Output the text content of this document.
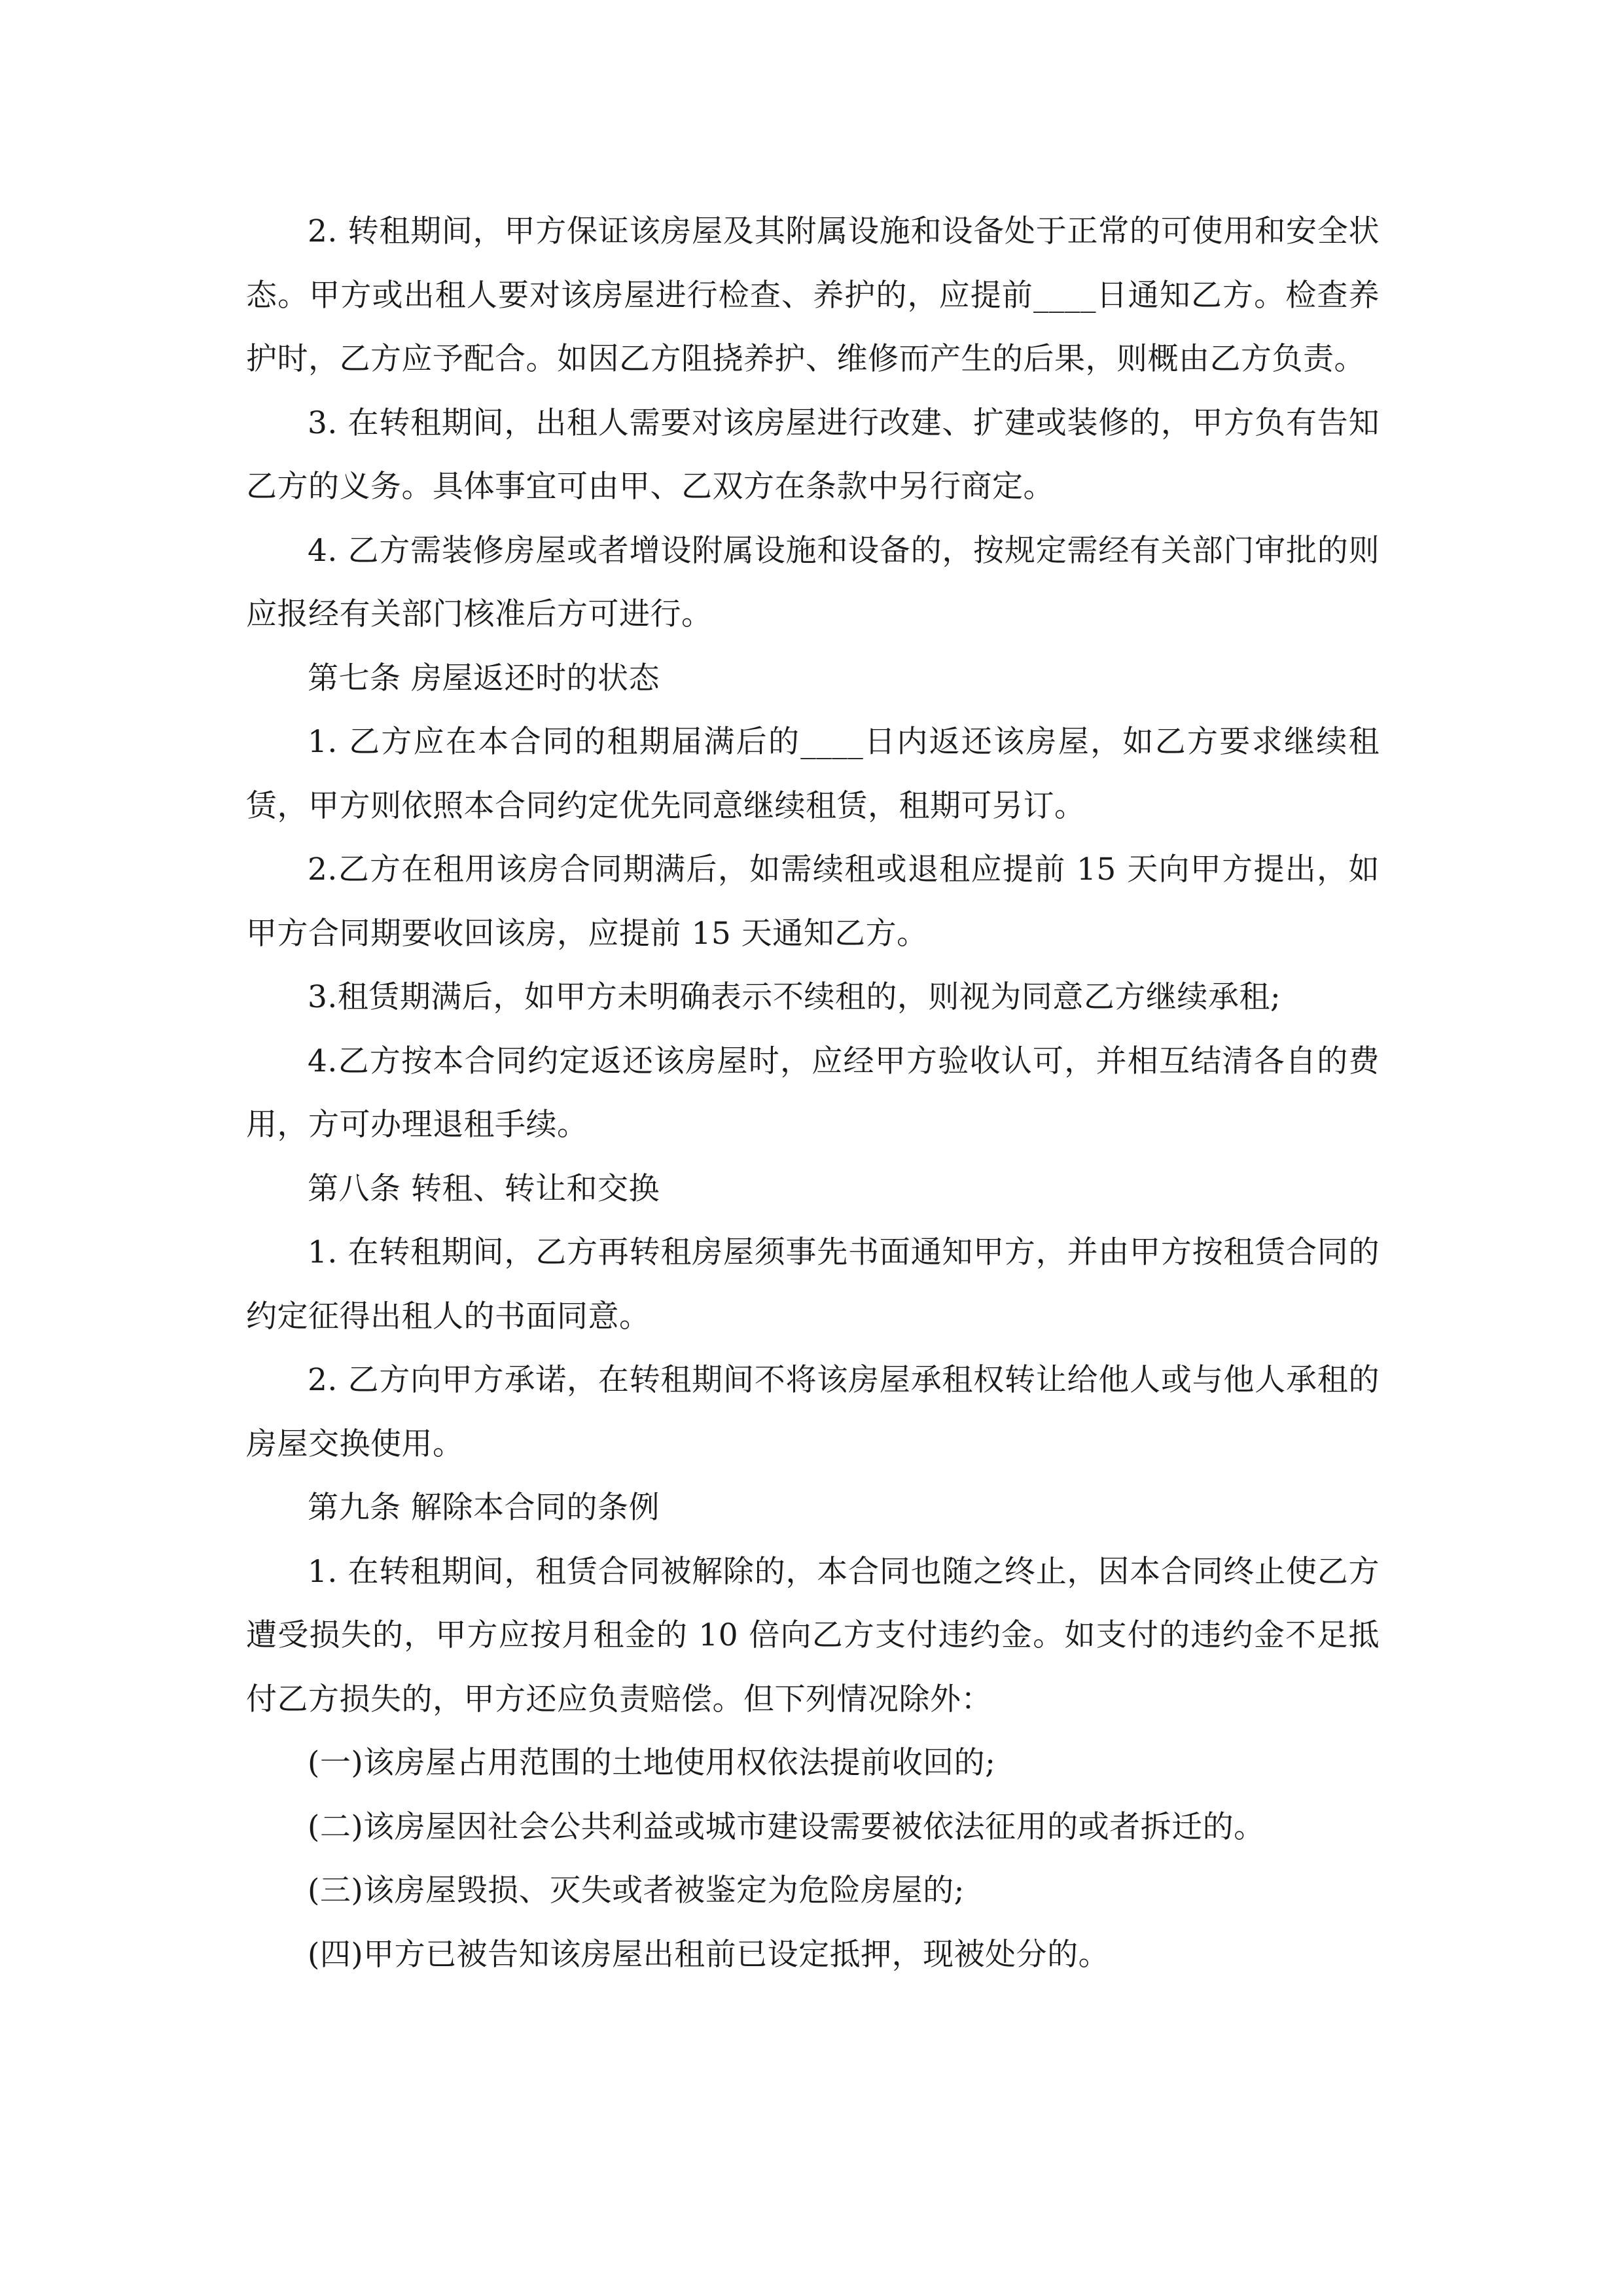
2. 转租期间，甲方保证该房屋及其附属设施和设备处于正常的可使用和安全状态。甲方或出租人要对该房屋进行检查、养护的，应提前____日通知乙方。检查养护时，乙方应予配合。如因乙方阻挠养护、维修而产生的后果，则概由乙方负责。

3. 在转租期间，出租人需要对该房屋进行改建、扩建或装修的，甲方负有告知乙方的义务。具体事宜可由甲、乙双方在条款中另行商定。

4. 乙方需装修房屋或者增设附属设施和设备的，按规定需经有关部门审批的则应报经有关部门核准后方可进行。

第七条 房屋返还时的状态

1. 乙方应在本合同的租期届满后的____日内返还该房屋，如乙方要求继续租赁，甲方则依照本合同约定优先同意继续租赁，租期可另订。

2.乙方在租用该房合同期满后，如需续租或退租应提前 15 天向甲方提出，如甲方合同期要收回该房，应提前 15 天通知乙方。

3.租赁期满后，如甲方未明确表示不续租的，则视为同意乙方继续承租;

4.乙方按本合同约定返还该房屋时，应经甲方验收认可，并相互结清各自的费用，方可办理退租手续。

第八条 转租、转让和交换

1. 在转租期间，乙方再转租房屋须事先书面通知甲方，并由甲方按租赁合同的约定征得出租人的书面同意。

2. 乙方向甲方承诺，在转租期间不将该房屋承租权转让给他人或与他人承租的房屋交换使用。

第九条 解除本合同的条例

1. 在转租期间，租赁合同被解除的，本合同也随之终止，因本合同终止使乙方遭受损失的，甲方应按月租金的 10 倍向乙方支付违约金。如支付的违约金不足抵付乙方损失的，甲方还应负责赔偿。但下列情况除外：

(一)该房屋占用范围的土地使用权依法提前收回的;

(二)该房屋因社会公共利益或城市建设需要被依法征用的或者拆迁的。

(三)该房屋毁损、灭失或者被鉴定为危险房屋的;

(四)甲方已被告知该房屋出租前已设定抵押，现被处分的。
